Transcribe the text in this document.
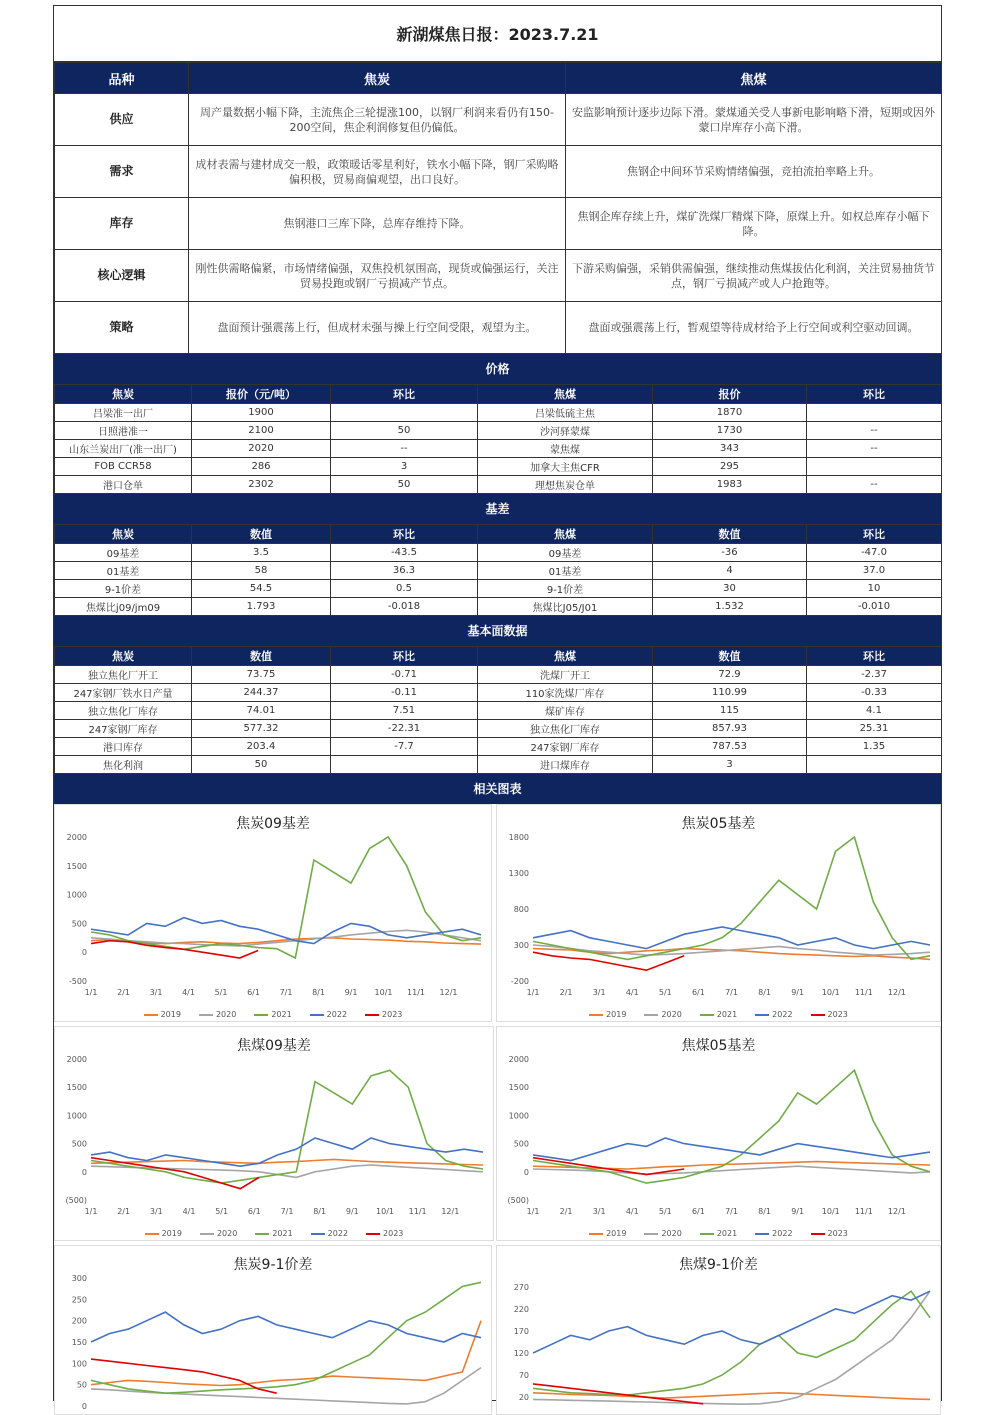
新湖煤焦日报：2023.7.21
品种	焦炭	焦煤
供应	周产量数据小幅下降，主流焦企三轮提涨100，以钢厂利润来看仍有150-200空间，焦企利润修复但仍偏低。	安监影响预计逐步边际下滑。蒙煤通关受人事新电影响略下滑，短期或因外蒙口岸库存小高下滑。
需求	成材表需与建材成交一般，政策暖话零星利好，铁水小幅下降，钢厂采购略偏积极，贸易商偏观望，出口良好。	焦钢企中间环节采购情绪偏强，竞拍流拍率略上升。
库存	焦钢港口三库下降，总库存维持下降。	焦钢企库存续上升，煤矿洗煤厂精煤下降，原煤上升。如权总库存小幅下降。
核心逻辑	刚性供需略偏紧，市场情绪偏强，双焦投机氛围高，现货或偏强运行，关注贸易投跑或钢厂亏损减产节点。	下游采购偏强，采销供需偏强，继续推动焦煤拔估化利润，关注贸易抽货节点，钢厂亏损减产或人户抢跑等。
策略	盘面预计强震荡上行，但成材未强与操上行空间受限，观望为主。	盘面或强震荡上行，暂观望等待成材给予上行空间或利空驱动回调。
价格
焦炭	报价（元/吨）	环比	焦煤	报价	环比
吕梁准一出厂	1900		吕梁低硫主焦	1870	
日照港准一	2100	50	沙河驿蒙煤	1730	--
山东兰炭出厂(准一出厂)	2020	--	蒙焦煤	343	--
FOB CCR58	286	3	加拿大主焦CFR	295	
港口仓单	2302	50	理想焦炭仓单	1983	--
基差
焦炭	数值	环比	焦煤	数值	环比
09基差	3.5	-43.5	09基差	-36	-47.0
01基差	58	36.3	01基差	4	37.0
9-1价差	54.5	0.5	9-1价差	30	10
焦煤比j09/jm09	1.793	-0.018	焦煤比J05/J01	1.532	-0.010
基本面数据
焦炭	数值	环比	焦煤	数值	环比
独立焦化厂开工	73.75	-0.71	洗煤厂开工	72.9	-2.37
247家钢厂铁水日产量	244.37	-0.11	110家洗煤厂库存	110.99	-0.33
独立焦化厂库存	74.01	7.51	煤矿库存	115	4.1
247家钢厂库存	577.32	-22.31	独立焦化厂库存	857.93	25.31
港口库存	203.4	-7.7	247家钢厂库存	787.53	1.35
焦化利润	50		进口煤库存	3	
相关图表
焦炭09基差
2000
1500
1000
500
0
-500
1/1 2/1 3/1 4/1 5/1 6/1 7/1 8/1 9/1 10/1 11/1 12/1
2019	2020	2021	2022	2023
焦炭05基差
1800
1300
800
300
-200
1/1	2/1	3/1	4/1	5/1	6/1	7/1	8/1	9/1 10/1 11/1 12/1
2019	2020	2021	2022	2023
焦煤09基差
2000
1500
1000
500
0
(500)
1/1 2/1 3/1 4/1 5/1 6/1 7/1 8/1 9/1 10/1 11/1 12/1
2019	2020	2021	2022	2023
焦煤05基差
2000
1500
1000
500
0
(500)
1/1	2/1	3/1	4/1	5/1	6/1	7/1	8/1	9/1 10/1 11/1 12/1
2019	2020	2021	2022	2023
焦炭9-1价差
300
250
200
150
100
50
0
焦煤9-1价差
270
220
170
120
70
20
